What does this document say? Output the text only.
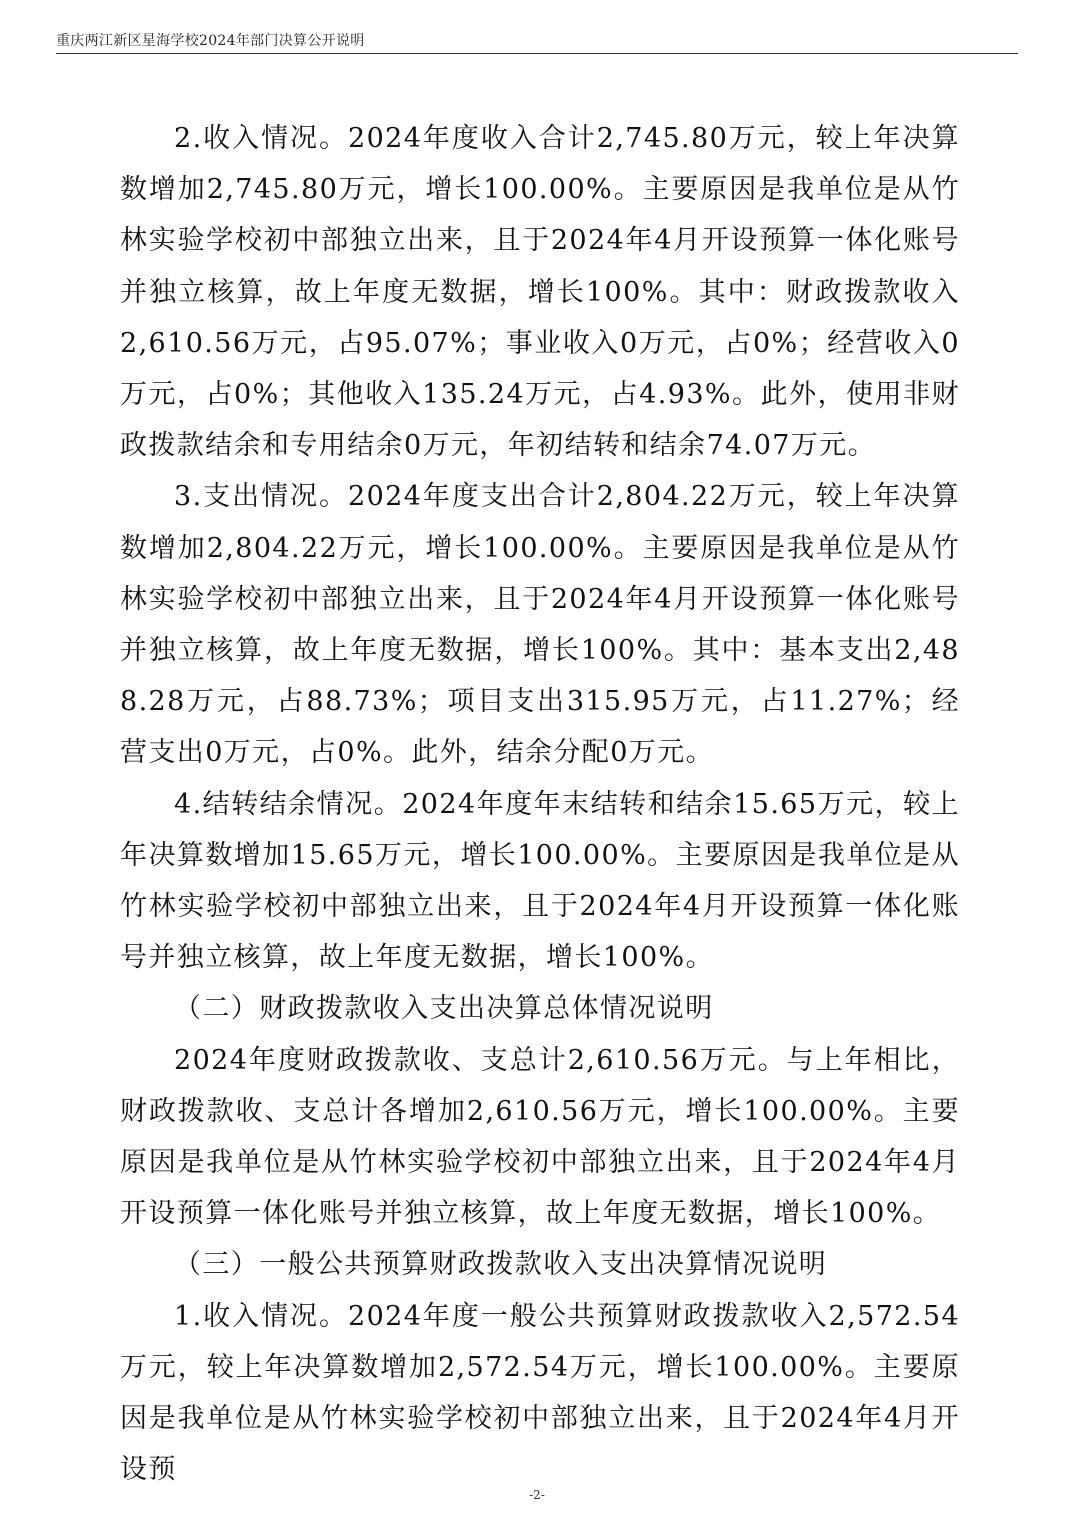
重庆两江新区星海学校2024年部门决算公开说明

2.收入情况。2024年度收入合计2,745.80万元，较上年决算数增加2,745.80万元，增长100.00%。主要原因是我单位是从竹林实验学校初中部独立出来，且于2024年4月开设预算一体化账号并独立核算，故上年度无数据，增长100%。其中：财政拨款收入2,610.56万元，占95.07%；事业收入0万元，占0%；经营收入0万元，占0%；其他收入135.24万元，占4.93%。此外，使用非财政拨款结余和专用结余0万元，年初结转和结余74.07万元。

3.支出情况。2024年度支出合计2,804.22万元，较上年决算数增加2,804.22万元，增长100.00%。主要原因是我单位是从竹林实验学校初中部独立出来，且于2024年4月开设预算一体化账号并独立核算，故上年度无数据，增长100%。其中：基本支出2,488.28万元，占88.73%；项目支出315.95万元，占11.27%；经营支出0万元，占0%。此外，结余分配0万元。

4.结转结余情况。2024年度年末结转和结余15.65万元，较上年决算数增加15.65万元，增长100.00%。主要原因是我单位是从竹林实验学校初中部独立出来，且于2024年4月开设预算一体化账号并独立核算，故上年度无数据，增长100%。

（二）财政拨款收入支出决算总体情况说明

2024年度财政拨款收、支总计2,610.56万元。与上年相比，财政拨款收、支总计各增加2,610.56万元，增长100.00%。主要原因是我单位是从竹林实验学校初中部独立出来，且于2024年4月开设预算一体化账号并独立核算，故上年度无数据，增长100%。

（三）一般公共预算财政拨款收入支出决算情况说明

1.收入情况。2024年度一般公共预算财政拨款收入2,572.54万元，较上年决算数增加2,572.54万元，增长100.00%。主要原因是我单位是从竹林实验学校初中部独立出来，且于2024年4月开设预

-2-
